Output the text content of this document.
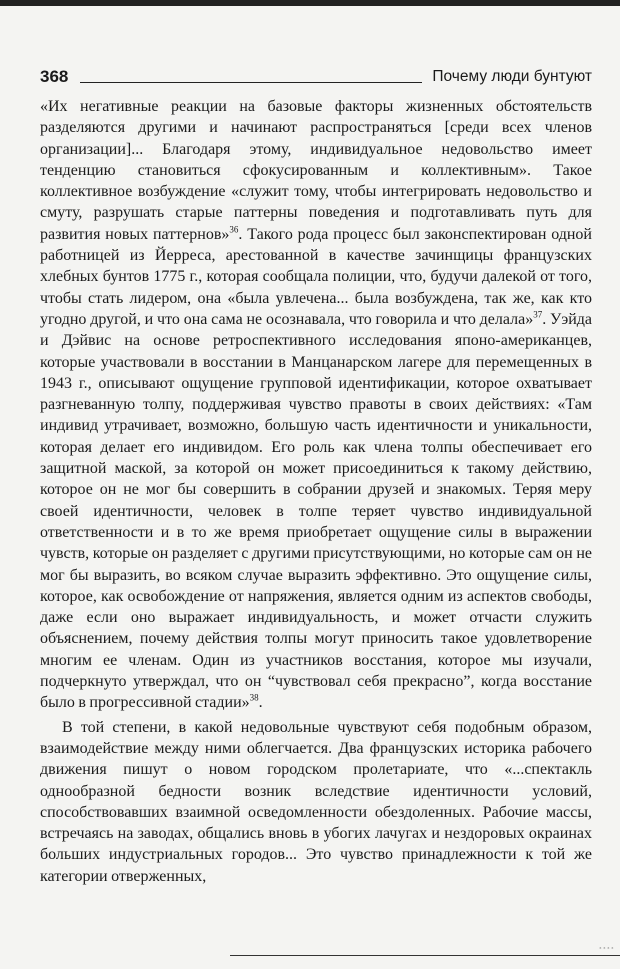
368	Почему люди бунтуют

«Их негативные реакции на базовые факторы жизненных обстоятельств разделяются другими и начинают распространяться [среди всех членов организации]... Благодаря этому, индивидуальное недовольство имеет тенденцию становиться сфокусированным и коллективным». Такое коллективное возбуждение «служит тому, чтобы интегрировать недовольство и смуту, разрушать старые паттерны поведения и подготавливать путь для развития новых паттернов»$^{36}$. Такого рода процесс был законспектирован одной работницей из Йерреса, арестованной в качестве зачинщицы французских хлебных бунтов 1775 г., которая сообщала полиции, что, будучи далекой от того, чтобы стать лидером, она «была увлечена... была возбуждена, так же, как кто угодно другой, и что она сама не осознавала, что говорила и что делала»$^{37}$. Уэйда и Дэйвис на основе ретроспективного исследования японо-американцев, которые участвовали в восстании в Манцанарском лагере для перемещенных в 1943 г., описывают ощущение групповой идентификации, которое охватывает разгневанную толпу, поддерживая чувство правоты в своих действиях: «Там индивид утрачивает, возможно, большую часть идентичности и уникальности, которая делает его индивидом. Его роль как члена толпы обеспечивает его защитной маской, за которой он может присоединиться к такому действию, которое он не мог бы совершить в собрании друзей и знакомых. Теряя меру своей идентичности, человек в толпе теряет чувство индивидуальной ответственности и в то же время приобретает ощущение силы в выражении чувств, которые он разделяет с другими присутствующими, но которые сам он не мог бы выразить, во всяком случае выразить эффективно. Это ощущение силы, которое, как освобождение от напряжения, является одним из аспектов свободы, даже если оно выражает индивидуальность, и может отчасти служить объяснением, почему действия толпы могут приносить такое удовлетворение многим ее членам. Один из участников восстания, которое мы изучали, подчеркнуто утверждал, что он “чувствовал себя прекрасно”, когда восстание было в прогрессивной стадии»$^{38}$.

В той степени, в какой недовольные чувствуют себя подобным образом, взаимодействие между ними облегчается. Два французских историка рабочего движения пишут о новом городском пролетариате, что «...спектакль однообразной бедности возник вследствие идентичности условий, способствовавших взаимной осведомленности обездоленных. Рабочие массы, встречаясь на заводах, общались вновь в убогих лачугах и нездоровых окраинах больших индустриальных городов... Это чувство принадлежности к той же категории отверженных,

ﾞﾞﾞﾞ
